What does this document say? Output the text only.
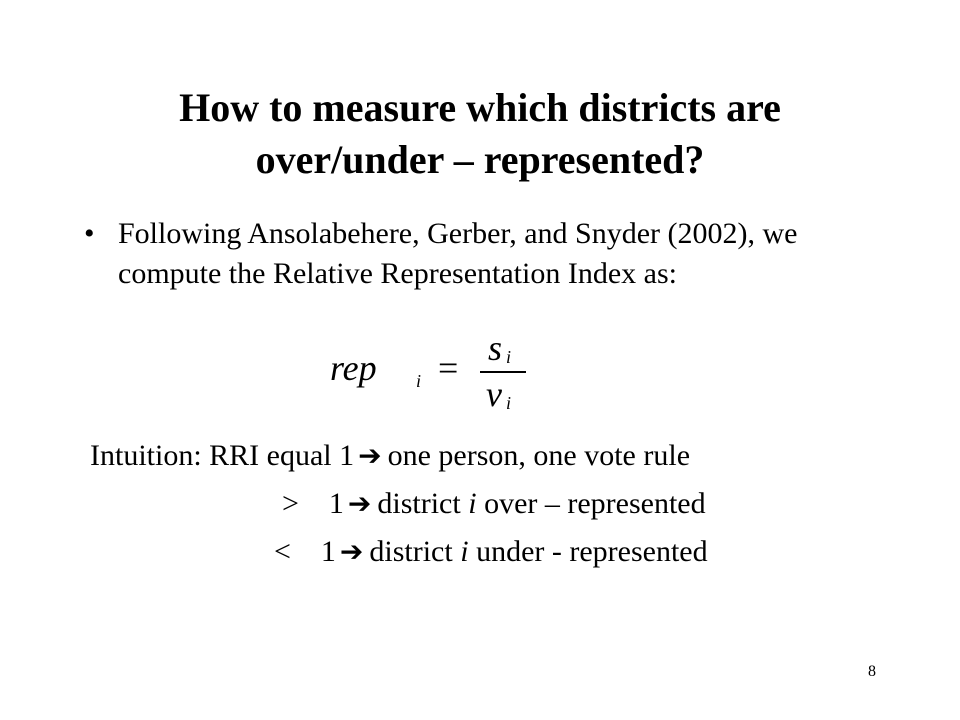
How to measure which districts are
over/under – represented?
• Following Ansolabehere, Gerber, and Snyder (2002), we
compute the Relative Representation Index as:
rep i = s i
v i
Intuition: RRI equal 1 ➔ one person, one vote rule
>    1 ➔ district i over – represented
<    1 ➔ district i under - represented
8
